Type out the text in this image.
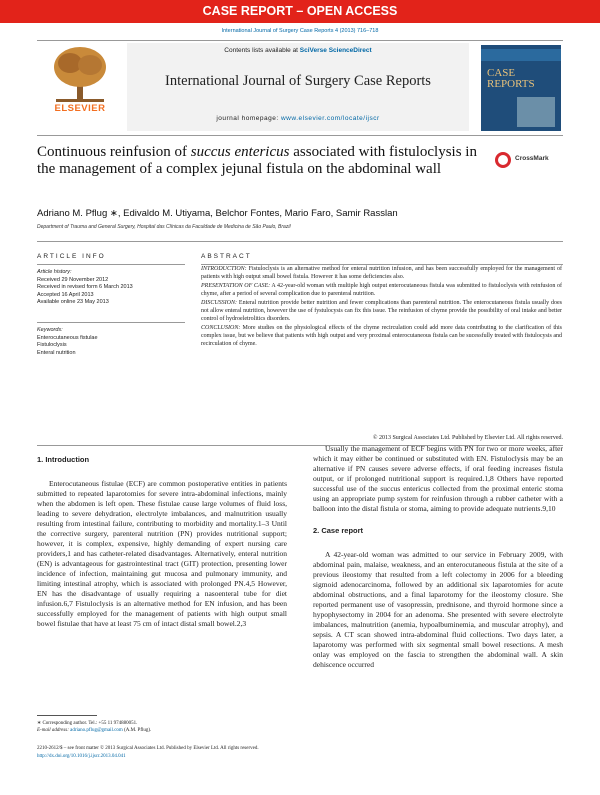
CASE REPORT – OPEN ACCESS
International Journal of Surgery Case Reports 4 (2013) 716–718
ELSEVIER
Contents lists available at SciVerse ScienceDirect
International Journal of Surgery Case Reports
journal homepage: www.elsevier.com/locate/ijscr
CASE
REPORTS
Continuous reinfusion of succus entericus associated with fistuloclysis in the management of a complex jejunal fistula on the abdominal wall
CrossMark
Adriano M. Pflug ∗, Edivaldo M. Utiyama, Belchor Fontes, Mario Faro, Samir Rasslan
Department of Trauma and General Surgery, Hospital das Clínicas da Faculdade de Medicina de São Paulo, Brazil
ARTICLE INFO	ABSTRACT
Article history:
Received 29 November 2012
Received in revised form 6 March 2013
Accepted 16 April 2013
Available online 23 May 2013
Keywords:
Enterocutaneous fistulae
Fistuloclysis
Enteral nutrition

INTRODUCTION: Fistuloclysis is an alternative method for enteral nutrition infusion, and has been successfully employed for the management of patients with high output small bowel fistula. However it has some deficiencies also.

PRESENTATION OF CASE: A 42-year-old woman with multiple high output enterocutaneous fistula was submitted to fistuloclysis with reinfusion of chyme, after a period of several complication due to parenteral nutrition.

DISCUSSION: Enteral nutrition provide better nutrition and fewer complications than parenteral nutrition. The enterocutaneous fistula usually does not allow enteral nutrition, however the use of fystulocysis can fix this issue. The reinfusion of chyme provide the possibility of oral intake and better control of hydroeletrolitics disorders.

CONCLUSION: More studies on the physiological effects of the chyme recirculation could add more data contributing to the clarification of this complex issue, but we believe that patients with high output and very proximal enterocutaneous fistula can be sucessfully treated with fistulocysis and recirculation of chyme.

© 2013 Surgical Associates Ltd. Published by Elsevier Ltd. All rights reserved.
1. Introduction

Enterocutaneous fistulae (ECF) are common postoperative entities in patients submitted to repeated laparotomies for severe intra-abdominal infections, mainly when the abdomen is left open. These fistulae cause large volumes of fluid loss, leading to severe dehydration, electrolyte imbalances, and malnutrition usually resulting from intestinal failure, contributing to morbidity and mortality.1–3 Until the corrective surgery, parenteral nutrition (PN) provides nutritional support; however, it is complex, expensive, highly demanding of expert nursing care providers,1 and has catheter-related disadvantages. Alternatively, enteral nutrition (EN) is advantageous for gastrointestinal tract (GIT) protection, presenting lower incidence of infection, maintaining gut mucosa and pulmonary immunity, and limiting intestinal atrophy, which is associated with prolonged PN.4,5 However, EN has the disadvantage of usually requiring a nasoenteral tube for diet infusion.6,7 Fistuloclysis is an alternative method for EN infusion, and has been successfully employed for the management of patients with high output small bowel fistulae that have at least 75 cm of intact distal small bowel.2,3

Usually the management of ECF begins with PN for two or more weeks, after which it may either be continued or substituted with EN. Fistuloclysis may be an alternative if PN causes severe adverse effects, if oral feeding increases fistula output, or if prolonged nutritional support is required.1,8 Others have reported successful use of the succus entericus collected from the proximal enteric stoma using an appropriate pump system for reinfusion through a rubber catheter with a balloon into the distal fistula or stoma, aiming to provide adequate nutrients.9,10

2. Case report

A 42-year-old woman was admitted to our service in February 2009, with abdominal pain, malaise, weakness, and an enterocutaneous fistula at the site of a previous ileostomy that resulted from a left colectomy in 2006 for a bleeding sigmoid adenocarcinoma, followed by an additional six laparotomies for acute abdominal obstructions, and a final laparotomy for the ileostomy closure. She reported permanent use of vasopressin, prednisone, and thyroid hormone since a hypophysectomy in 2004 for an adenoma. She presented with severe electrolyte imbalances, malnutrition (anemia, hypoalbuminemia, and muscular atrophy), and sepsis. A CT scan showed intra-abdominal fluid collections. Two days later, a laparotomy was performed with six segmental small bowel resections. A mesh onlay was employed on the fascia to strengthen the abdominal wall. A skin dehiscence occurred

∗ Corresponding author. Tel.: +55 11 974880051.
E-mail address: adriano.pflug@gmail.com (A.M. Pflug).
2210-2612/$ – see front matter © 2013 Surgical Associates Ltd. Published by Elsevier Ltd. All rights reserved.
http://dx.doi.org/10.1016/j.ijscr.2013.04.041
